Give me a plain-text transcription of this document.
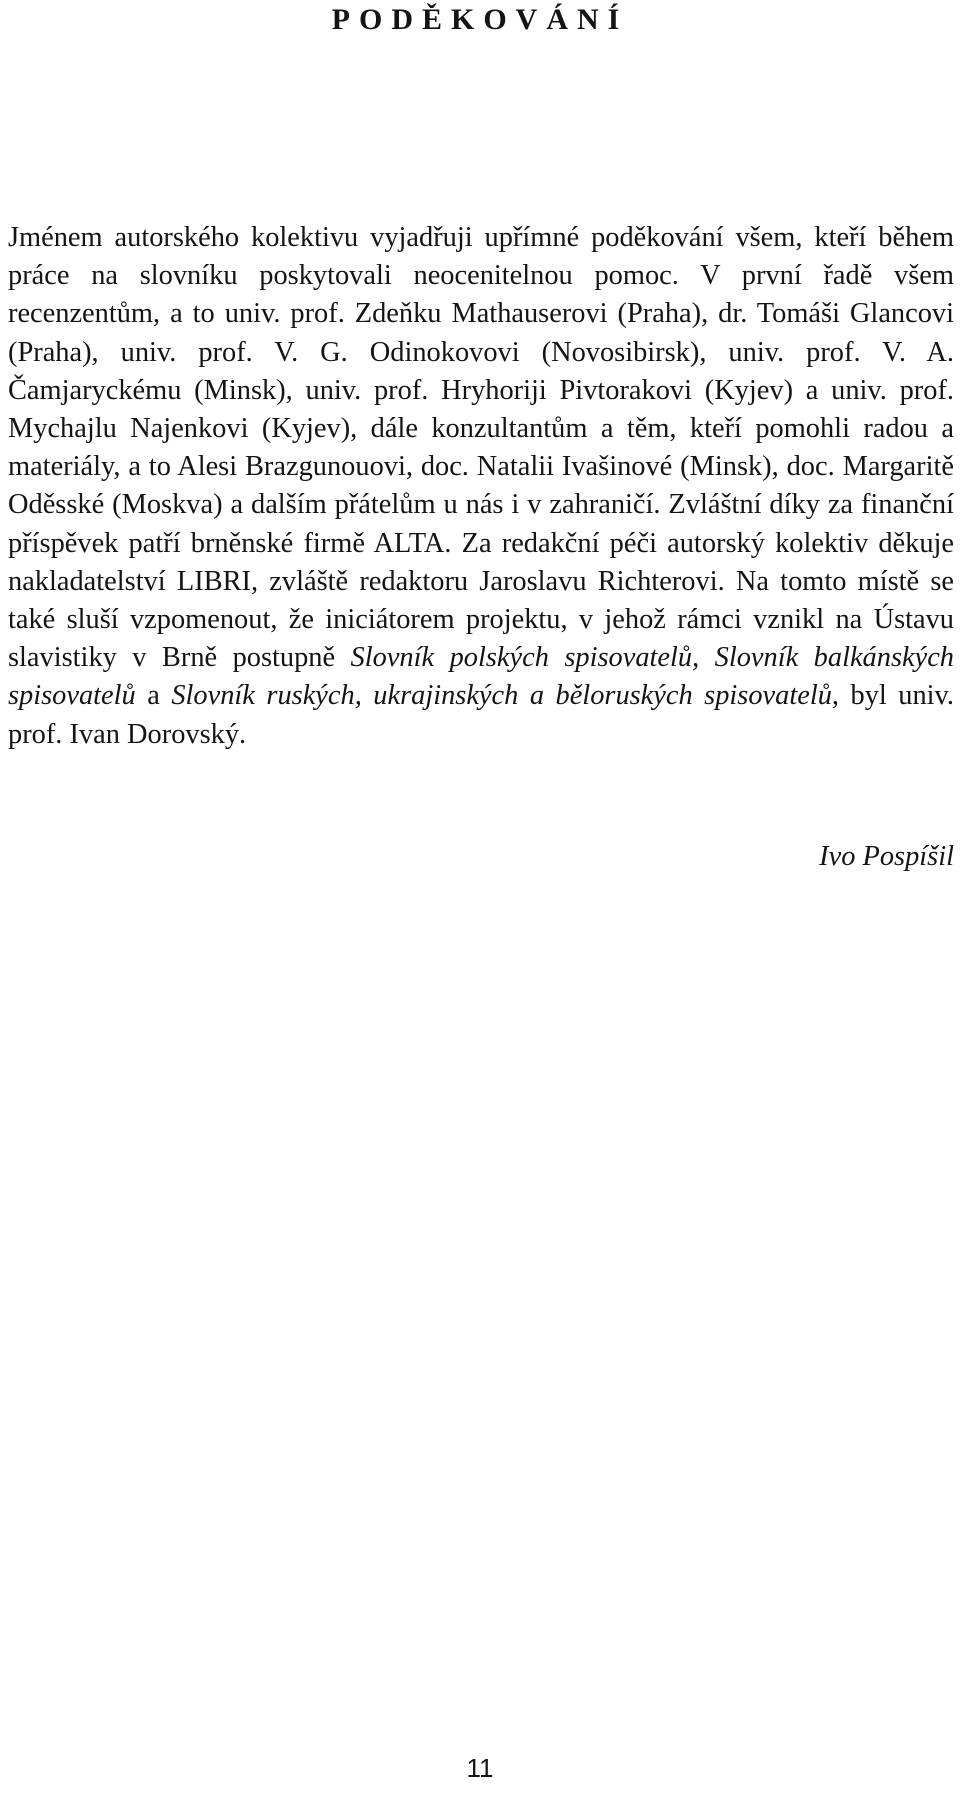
PODĚKOVÁNÍ

Jménem autorského kolektivu vyjadřuji upřímné poděkování všem, kteří během práce na slovníku poskytovali neocenitelnou pomoc. V první řadě všem recenzentům, a to univ. prof. Zdeňku Mathauserovi (Praha), dr. Tomáši Glancovi (Praha), univ. prof. V. G. Odinokovovi (Novosibirsk), univ. prof. V. A. Čamjaryckému (Minsk), univ. prof. Hryhoriji Pivtorakovi (Kyjev) a univ. prof. Mychajlu Najenkovi (Kyjev), dále konzultantům a těm, kteří pomohli radou a materiály, a to Alesi Brazgunouovi, doc. Natalii Ivašinové (Minsk), doc. Margaritě Oděsské (Moskva) a dalším přátelům u nás i v zahraničí. Zvláštní díky za finanční příspěvek patří brněnské firmě ALTA. Za redakční péči autorský kolektiv děkuje nakladatelství LIBRI, zvláště redaktoru Jaroslavu Richterovi. Na tomto místě se také sluší vzpomenout, že iniciátorem projektu, v jehož rámci vznikl na Ústavu slavistiky v Brně postupně Slovník polských spisovatelů, Slovník balkánských spisovatelů a Slovník ruských, ukrajinských a běloruských spisovatelů, byl univ. prof. Ivan Dorovský.

Ivo Pospíšil

11
